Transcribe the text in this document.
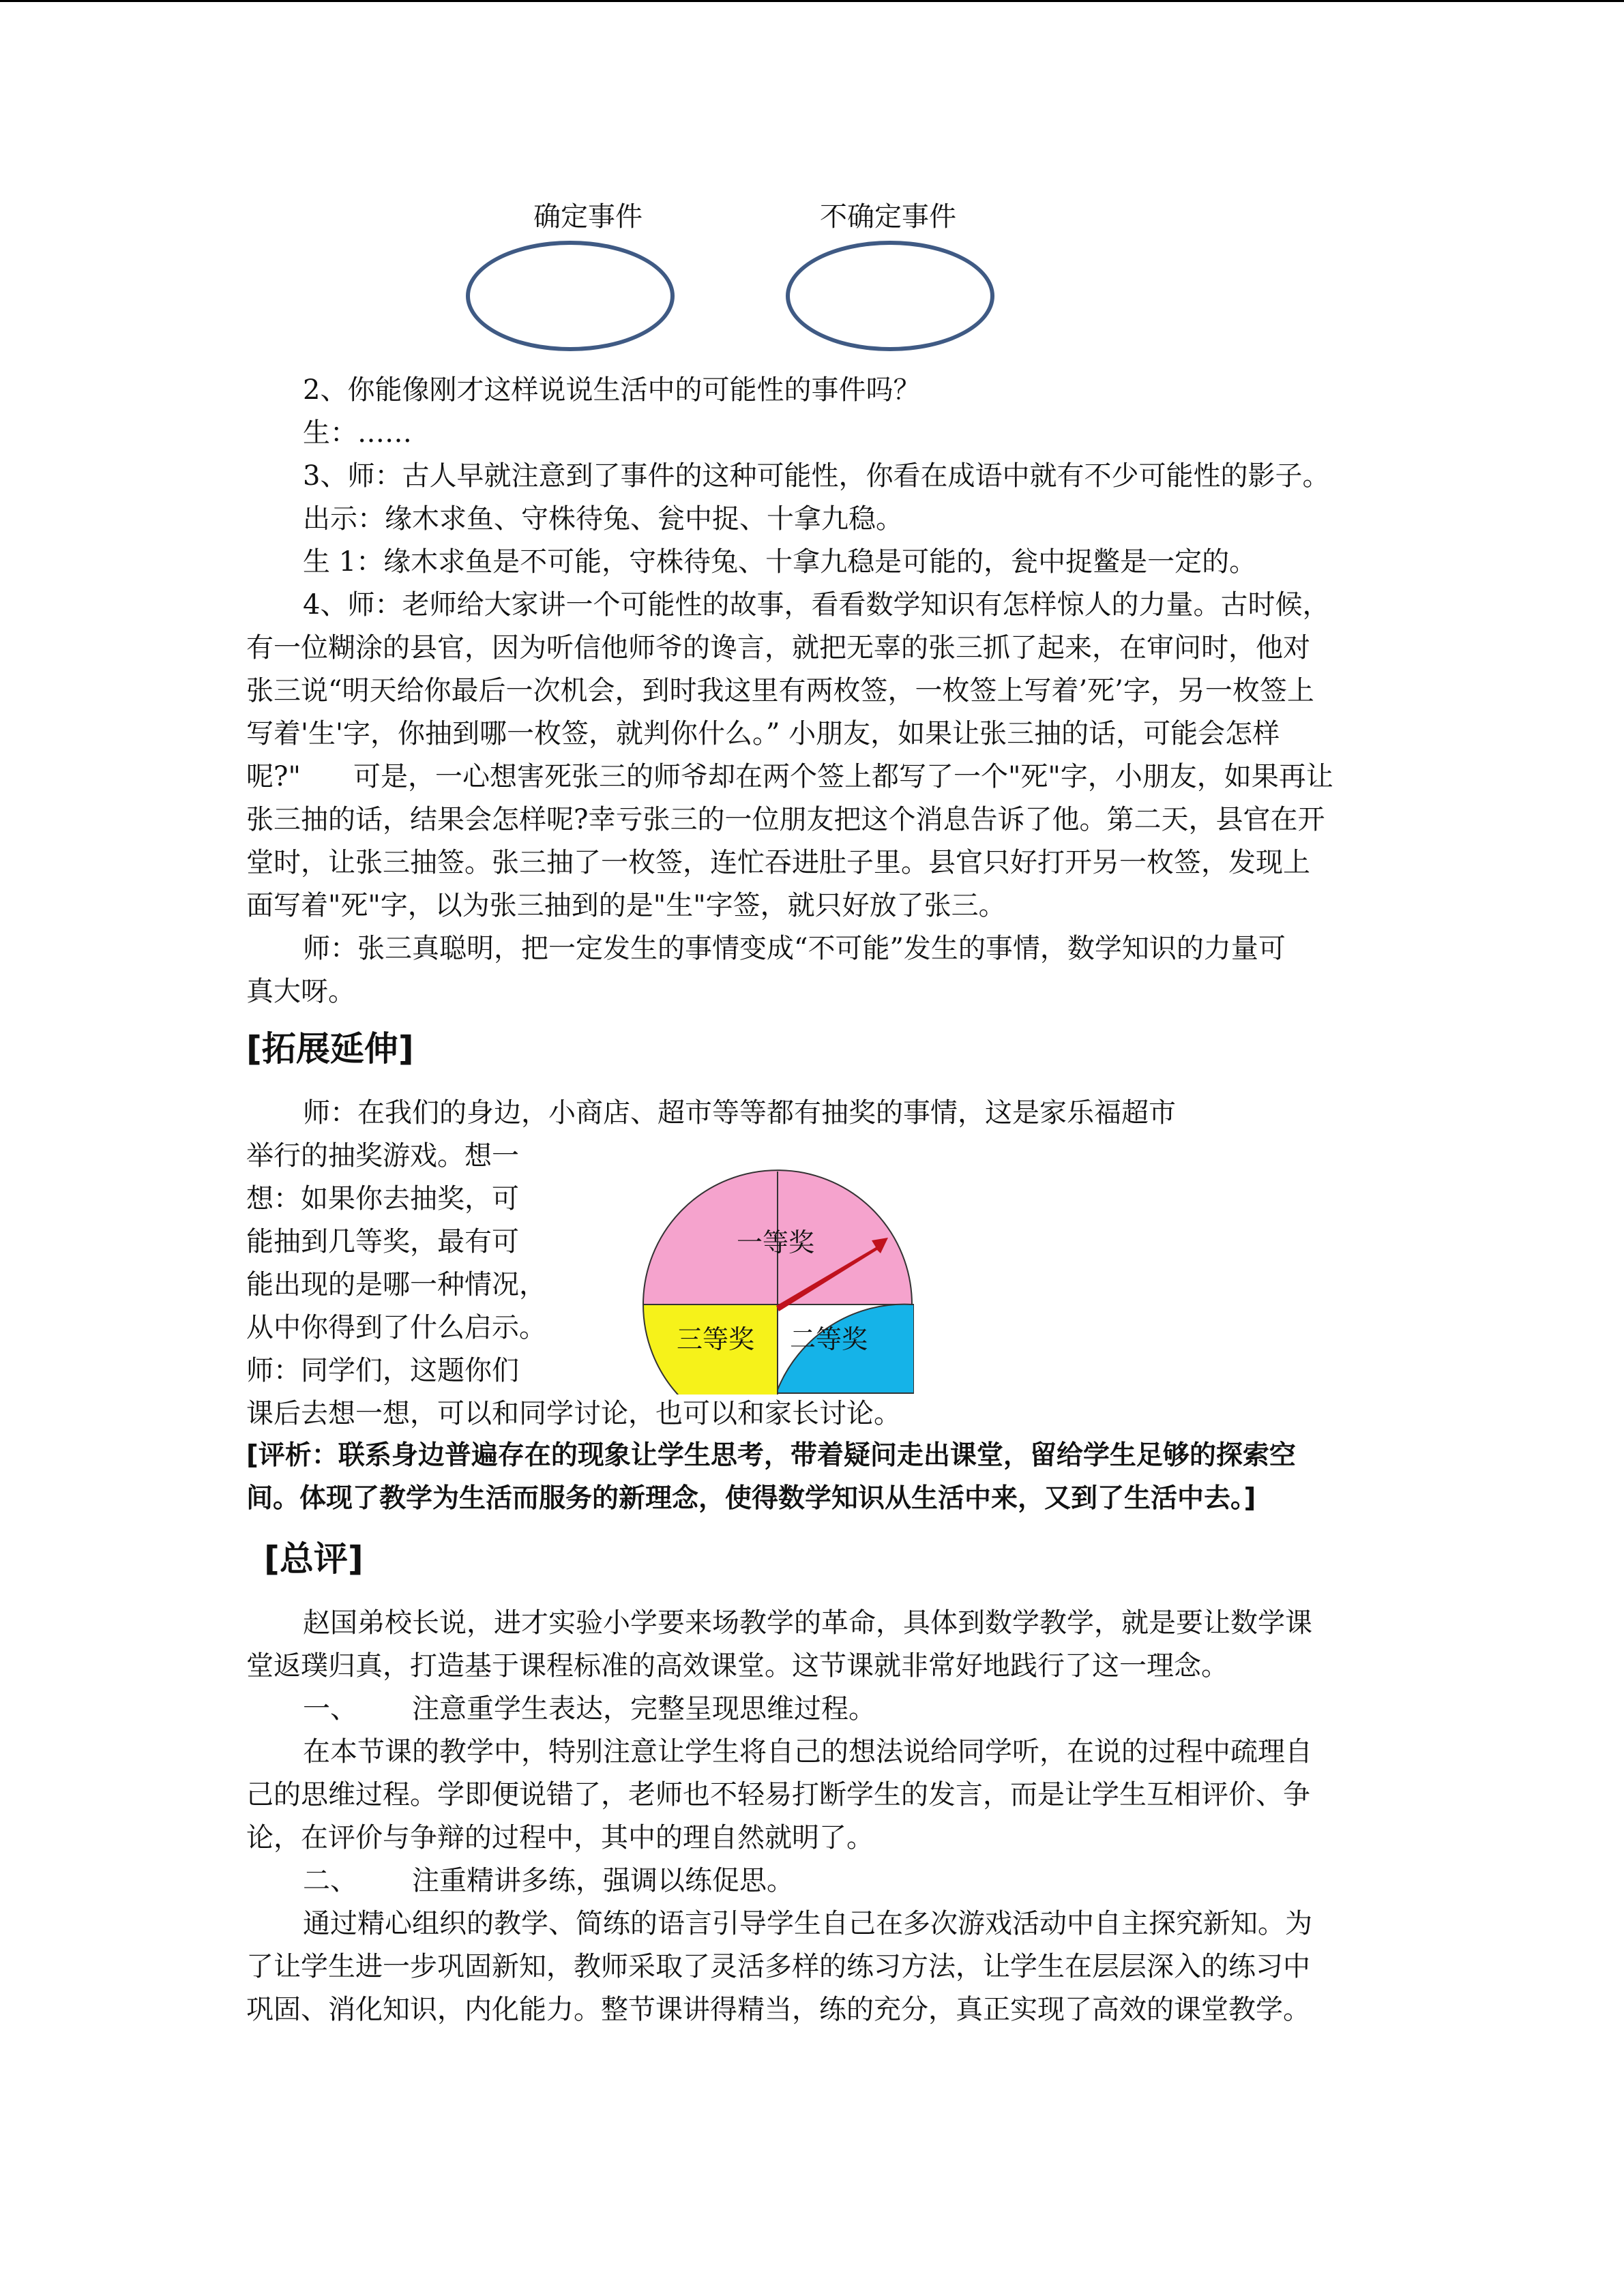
确定事件	不确定事件
2、你能像刚才这样说说生活中的可能性的事件吗？
生：……
3、师：古人早就注意到了事件的这种可能性，你看在成语中就有不少可能性的影子。
出示：缘木求鱼、守株待兔、瓮中捉、十拿九稳。
生 1：缘木求鱼是不可能，守株待兔、十拿九稳是可能的，瓮中捉鳖是一定的。
4、师：老师给大家讲一个可能性的故事，看看数学知识有怎样惊人的力量。古时候，
有一位糊涂的县官，因为听信他师爷的谗言，就把无辜的张三抓了起来，在审问时，他对
张三说“明天给你最后一次机会，到时我这里有两枚签，一枚签上写着’死’字，另一枚签上
写着'生'字，你抽到哪一枚签，就判你什么。” 小朋友，如果让张三抽的话，可能会怎样
呢?" 可是，一心想害死张三的师爷却在两个签上都写了一个"死"字，小朋友，如果再让
张三抽的话，结果会怎样呢?幸亏张三的一位朋友把这个消息告诉了他。第二天，县官在开
堂时，让张三抽签。张三抽了一枚签，连忙吞进肚子里。县官只好打开另一枚签，发现上
面写着"死"字，以为张三抽到的是"生"字签，就只好放了张三。
师：张三真聪明，把一定发生的事情变成“不可能”发生的事情，数学知识的力量可
真大呀。
[拓展延伸]
师：在我们的身边，小商店、超市等等都有抽奖的事情，这是家乐福超市
举行的抽奖游戏。想一
想：如果你去抽奖，可
能抽到几等奖，最有可
能出现的是哪一种情况，
从中你得到了什么启示。
师：同学们，这题你们
课后去想一想，可以和同学讨论，也可以和家长讨论。
一等奖
三等奖 二等奖
[评析：联系身边普遍存在的现象让学生思考，带着疑问走出课堂，留给学生足够的探索空
间。体现了教学为生活而服务的新理念，使得数学知识从生活中来，又到了生活中去。]
[总评]
赵国弟校长说，进才实验小学要来场教学的革命，具体到数学教学，就是要让数学课
堂返璞归真，打造基于课程标准的高效课堂。这节课就非常好地践行了这一理念。
一、 注意重学生表达，完整呈现思维过程。
在本节课的教学中，特别注意让学生将自己的想法说给同学听，在说的过程中疏理自
己的思维过程。学即便说错了，老师也不轻易打断学生的发言，而是让学生互相评价、争
论，在评价与争辩的过程中，其中的理自然就明了。
二、 注重精讲多练，强调以练促思。
通过精心组织的教学、简练的语言引导学生自己在多次游戏活动中自主探究新知。为
了让学生进一步巩固新知，教师采取了灵活多样的练习方法，让学生在层层深入的练习中
巩固、消化知识，内化能力。整节课讲得精当，练的充分，真正实现了高效的课堂教学。
